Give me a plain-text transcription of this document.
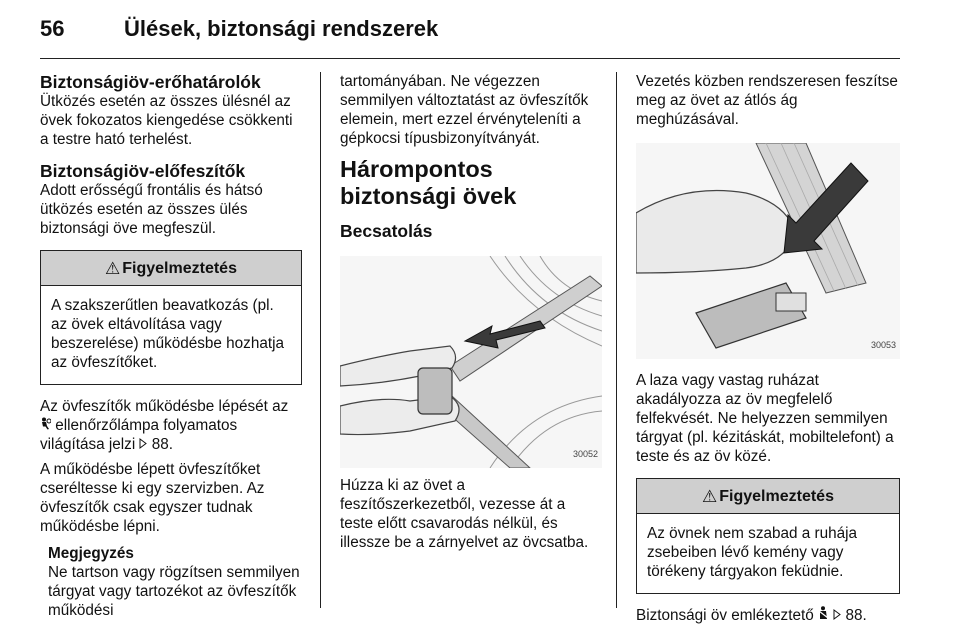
56	Ülések, biztonsági rendszerek
Biztonságiöv-erőhatárolók

Ütközés esetén az összes ülésnél az övek fokozatos kiengedése csökkenti a testre ható terhelést.

Biztonságiöv-előfeszítők

Adott erősségű frontális és hátsó ütközés esetén az összes ülés biztonsági öve megfeszül.

⚠ Figyelmeztetés
A szakszerűtlen beavatkozás (pl. az övek eltávolítása vagy beszerelése) működésbe hozhatja az övfeszítőket.

Az övfeszítők működésbe lépését az
ellenőrzőlámpa folyamatos világítása jelzi 88.

A működésbe lépett övfeszítőket cseréltesse ki egy szervizben. Az övfeszítők csak egyszer tudnak működésbe lépni.

Megjegyzés
Ne tartson vagy rögzítsen semmilyen tárgyat vagy tartozékot az övfeszítők működési

tartományában. Ne végezzen semmilyen változtatást az övfeszítők elemein, mert ezzel érvényteleníti a gépkocsi típusbizonyítványát.

Hárompontos biztonsági övek
Becsatolás
30052

Húzza ki az övet a feszítőszerkezetből, vezesse át a teste előtt csavarodás nélkül, és illessze be a zárnyelvet az övcsatba.

Vezetés közben rendszeresen feszítse meg az övet az átlós ág meghúzásával.

30053

A laza vagy vastag ruházat akadályozza az öv megfelelő felfekvését. Ne helyezzen semmilyen tárgyat (pl. kézitáskát, mobiltelefont) a teste és az öv közé.

⚠ Figyelmeztetés
Az övnek nem szabad a ruhája zsebeiben lévő kemény vagy törékeny tárgyakon feküdnie.

Biztonsági öv emlékeztető 88.
